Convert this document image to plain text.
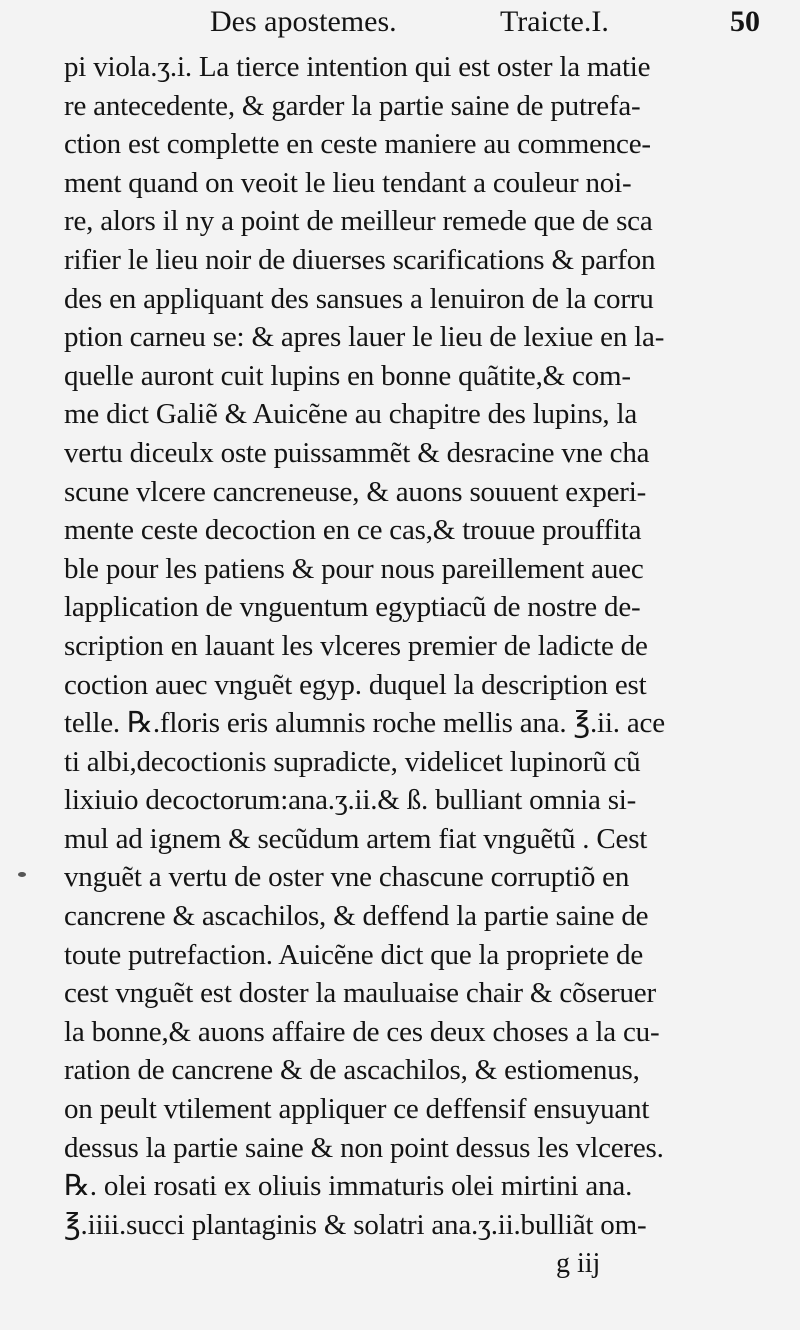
Des apostemes.	Traicte.I.	50
pi viola.ʒ.i. La tierce intention qui est oster la matie
re antecedente, & garder la partie saine de putrefa-
ction est complette en ceste maniere au commence-
ment quand on veoit le lieu tendant a couleur noi-
re, alors il ny a point de meilleur remede que de sca
rifier le lieu noir de diuerses scarifications & parfon
des en appliquant des sansues a lenuiron de la corru
ption carneu se: & apres lauer le lieu de lexiue en la-
quelle auront cuit lupins en bonne quãtite,& com-
me dict Galiẽ & Auicẽne au chapitre des lupins, la
vertu diceulx oste puissammẽt & desracine vne cha
scune vlcere cancreneuse, & auons souuent experi-
mente ceste decoction en ce cas,& trouue prouffita
ble pour les patiens & pour nous pareillement auec
lapplication de vnguentum egyptiacũ de nostre de-
scription en lauant les vlceres premier de ladicte de
coction auec vnguẽt egyp. duquel la description est
telle. ℞.floris eris alumnis roche mellis ana. ℥.ii. ace
ti albi,decoctionis supradicte, videlicet lupinorũ cũ
lixiuio decoctorum:ana.ʒ.ii.& ß. bulliant omnia si-
mul ad ignem & secũdum artem fiat vnguẽtũ . Cest
vnguẽt a vertu de oster vne chascune corruptiõ en
cancrene & ascachilos, & deffend la partie saine de
toute putrefaction. Auicẽne dict que la propriete de
cest vnguẽt est doster la mauluaise chair & cõseruer
la bonne,& auons affaire de ces deux choses a la cu-
ration de cancrene & de ascachilos, & estiomenus,
on peult vtilement appliquer ce deffensif ensuyuant
dessus la partie saine & non point dessus les vlceres.
℞. olei rosati ex oliuis immaturis olei mirtini ana.
℥.iiii.succi plantaginis & solatri ana.ʒ.ii.bulliãt om-
g iij
